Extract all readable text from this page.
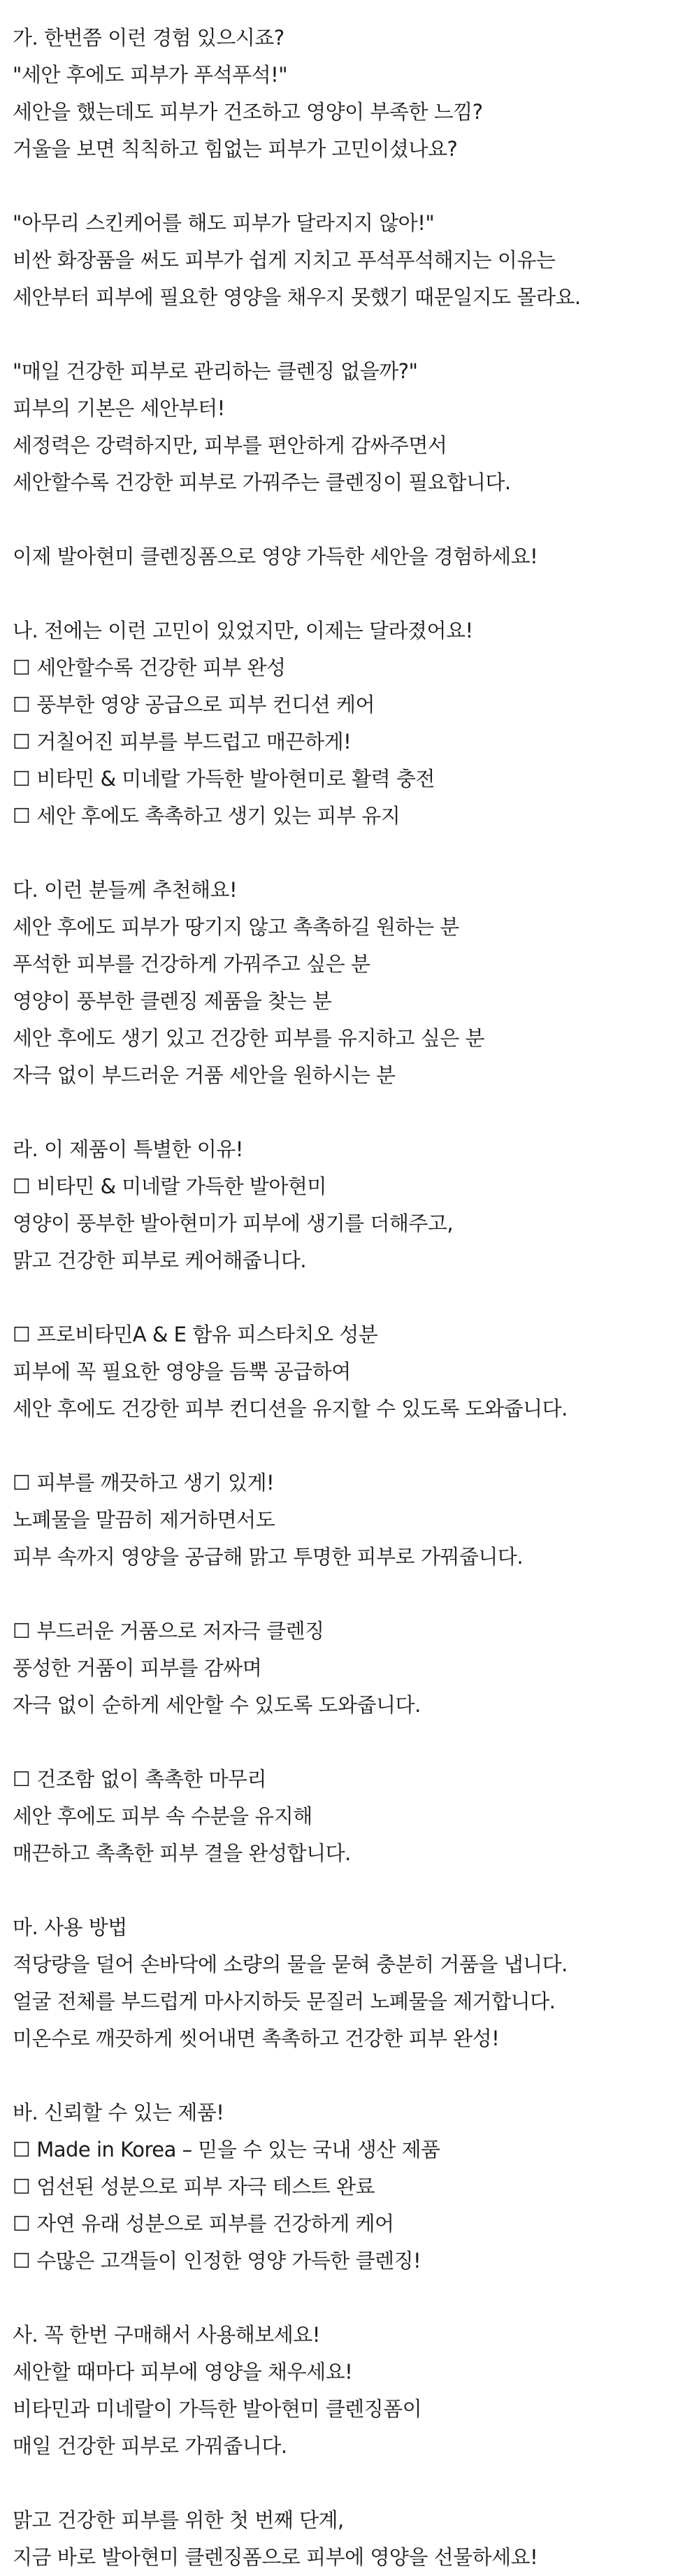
가. 한번쯤 이런 경험 있으시죠?
"세안 후에도 피부가 푸석푸석!"
세안을 했는데도 피부가 건조하고 영양이 부족한 느낌?
거울을 보면 칙칙하고 힘없는 피부가 고민이셨나요?
"아무리 스킨케어를 해도 피부가 달라지지 않아!"
비싼 화장품을 써도 피부가 쉽게 지치고 푸석푸석해지는 이유는
세안부터 피부에 필요한 영양을 채우지 못했기 때문일지도 몰라요.
"매일 건강한 피부로 관리하는 클렌징 없을까?"
피부의 기본은 세안부터!
세정력은 강력하지만, 피부를 편안하게 감싸주면서
세안할수록 건강한 피부로 가꿔주는 클렌징이 필요합니다.
이제 발아현미 클렌징폼으로 영양 가득한 세안을 경험하세요!
나. 전에는 이런 고민이 있었지만, 이제는 달라졌어요!
☐ 세안할수록 건강한 피부 완성
☐ 풍부한 영양 공급으로 피부 컨디션 케어
☐ 거칠어진 피부를 부드럽고 매끈하게!
☐ 비타민 & 미네랄 가득한 발아현미로 활력 충전
☐ 세안 후에도 촉촉하고 생기 있는 피부 유지
다. 이런 분들께 추천해요!
세안 후에도 피부가 땅기지 않고 촉촉하길 원하는 분
푸석한 피부를 건강하게 가꿔주고 싶은 분
영양이 풍부한 클렌징 제품을 찾는 분
세안 후에도 생기 있고 건강한 피부를 유지하고 싶은 분
자극 없이 부드러운 거품 세안을 원하시는 분
라. 이 제품이 특별한 이유!
☐ 비타민 & 미네랄 가득한 발아현미
영양이 풍부한 발아현미가 피부에 생기를 더해주고,
맑고 건강한 피부로 케어해줍니다.
☐ 프로비타민A & E 함유 피스타치오 성분
피부에 꼭 필요한 영양을 듬뿍 공급하여
세안 후에도 건강한 피부 컨디션을 유지할 수 있도록 도와줍니다.
☐ 피부를 깨끗하고 생기 있게!
노폐물을 말끔히 제거하면서도
피부 속까지 영양을 공급해 맑고 투명한 피부로 가꿔줍니다.
☐ 부드러운 거품으로 저자극 클렌징
풍성한 거품이 피부를 감싸며
자극 없이 순하게 세안할 수 있도록 도와줍니다.
☐ 건조함 없이 촉촉한 마무리
세안 후에도 피부 속 수분을 유지해
매끈하고 촉촉한 피부 결을 완성합니다.
마. 사용 방법
적당량을 덜어 손바닥에 소량의 물을 묻혀 충분히 거품을 냅니다.
얼굴 전체를 부드럽게 마사지하듯 문질러 노폐물을 제거합니다.
미온수로 깨끗하게 씻어내면 촉촉하고 건강한 피부 완성!
바. 신뢰할 수 있는 제품!
☐ Made in Korea – 믿을 수 있는 국내 생산 제품
☐ 엄선된 성분으로 피부 자극 테스트 완료
☐ 자연 유래 성분으로 피부를 건강하게 케어
☐ 수많은 고객들이 인정한 영양 가득한 클렌징!
사. 꼭 한번 구매해서 사용해보세요!
세안할 때마다 피부에 영양을 채우세요!
비타민과 미네랄이 가득한 발아현미 클렌징폼이
매일 건강한 피부로 가꿔줍니다.
맑고 건강한 피부를 위한 첫 번째 단계,
지금 바로 발아현미 클렌징폼으로 피부에 영양을 선물하세요!
